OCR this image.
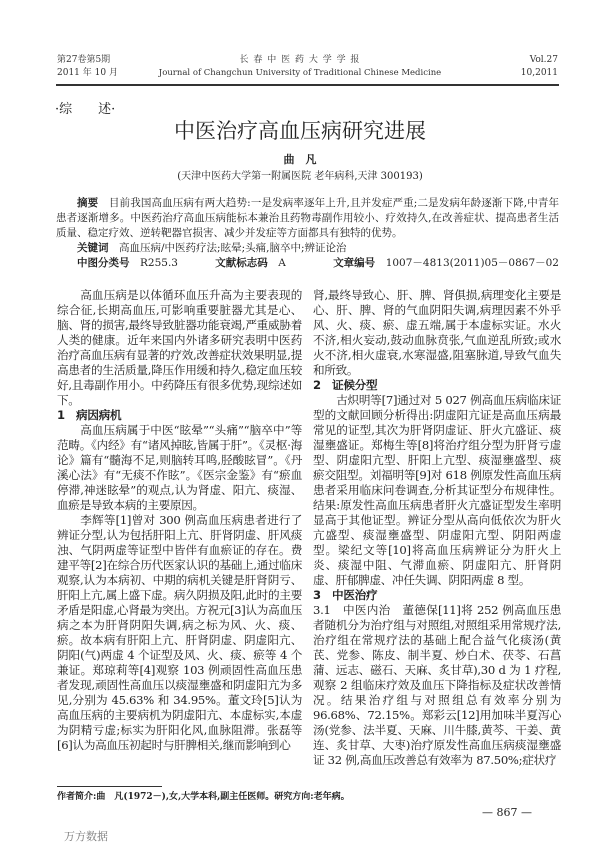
第27卷第5期
2011 年 10 月
长 春 中 医 药 大 学 学 报
Journal of Changchun University of Traditional Chinese Medicine
Vol.27
10,2011
·综　　述·
中医治疗高血压病研究进展
曲　凡
(天津中医药大学第一附属医院 老年病科,天津 300193)
摘要　 目前我国高血压病有两大趋势:一是发病率逐年上升,且并发症严重;二是发病年龄逐渐下降,中青年患者逐渐增多。中医药治疗高血压病能标本兼治且药物毒副作用较小、疗效持久,在改善症状、提高患者生活质量、稳定疗效、逆转靶器官损害、减少并发症等方面都具有独特的优势。
关键词　 高血压病/中医药疗法;眩晕;头痛,脑卒中;辨证论治
中图分类号　 R255.3	文献标志码　 A	文章编号　 1007－4813(2011)05－0867－02

高血压病是以体循环血压升高为主要表现的综合征,长期高血压,可影响重要脏器尤其是心、脑、肾的损害,最终导致脏器功能衰竭,严重威胁着人类的健康。近年来国内外诸多研究表明中医药治疗高血压病有显著的疗效,改善症状效果明显,提高患者的生活质量,降压作用缓和持久,稳定血压较好,且毒副作用小。中药降压有很多优势,现综述如下。

1　病因病机

高血压病属于中医“眩晕”“头痛”“脑卒中”等范畴。《内经》有“诸风掉眩,皆属于肝”。《灵枢·海论》篇有“髓海不足,则脑转耳鸣,胫酸眩冒”。《丹溪心法》有“无痰不作眩”。《医宗金鉴》有“瘀血停滞,神迷眩晕”的观点,认为肾虚、阳亢、痰湿、血瘀是导致本病的主要原因。

李辉等[1]曾对 300 例高血压病患者进行了辨证分型,认为包括肝阳上亢、肝肾阴虚、肝风痰浊、气阴两虚等证型中皆伴有血瘀证的存在。费建平等[2]在综合历代医家认识的基础上,通过临床观察,认为本病初、中期的病机关键是肝肾阴亏、肝阳上亢,属上盛下虚。病久阴损及阳,此时的主要矛盾是阳虚,心肾最为突出。方祝元[3]认为高血压病之本为肝肾阴阳失调,病之标为风、火、痰、瘀。故本病有肝阳上亢、肝肾阴虚、阴虚阳亢、阴阳(气)两虚 4 个证型及风、火、痰、瘀等 4 个兼证。郑琼莉等[4]观察 103 例顽固性高血压患者发现,顽固性高血压以痰湿壅盛和阴虚阳亢为多见,分别为 45.63% 和 34.95%。董文玲[5]认为高血压病的主要病机为阴虚阳亢、本虚标实,本虚为阴精亏虚;标实为肝阳化风,血脉阻滞。张磊等[6]认为高血压初起时与肝脾相关,继而影响到心

肾,最终导致心、肝、脾、肾俱损,病理变化主要是心、肝、脾、肾的气血阴阳失调,病理因素不外乎风、火、痰、瘀、虚五端,属于本虚标实证。水火不济,相火妄动,鼓动血脉贲张,气血逆乱所致;或水火不济,相火虚衰,水寒湿盛,阻塞脉道,导致气血失和所致。

2　证候分型

古炽明等[7]通过对 5 027 例高血压病临床证型的文献回顾分析得出:阴虚阳亢证是高血压病最常见的证型,其次为肝肾阴虚证、肝火亢盛证、痰湿壅盛证。郑梅生等[8]将治疗组分型为肝肾亏虚型、阴虚阳亢型、肝阳上亢型、痰湿壅盛型、痰瘀交阻型。刘福明等[9]对 618 例原发性高血压病患者采用临床问卷调查,分析其证型分布规律性。结果:原发性高血压病患者肝火亢盛证型发生率明显高于其他证型。辨证分型从高向低依次为肝火亢盛型、痰湿壅盛型、阴虚阳亢型、阴阳两虚型。梁纪文等[10]将高血压病辨证分为肝火上炎、痰湿中阻、气滞血瘀、阴虚阳亢、肝肾阴虚、肝郁脾虚、冲任失调、阴阳两虚 8 型。

3　中医治疗

3.1　中医内治　董德保[11]将 252 例高血压患者随机分为治疗组与对照组,对照组采用常规疗法,治疗组在常规疗法的基础上配合益气化痰汤(黄芪、党参、陈皮、制半夏、炒白术、茯苓、石菖蒲、远志、磁石、天麻、炙甘草),30 d 为 1 疗程,观察 2 组临床疗效及血压下降指标及症状改善情况。结果治疗组与对照组总有效率分别为 96.68%、72.15%。郑彩云[12]用加味半夏泻心汤(党参、法半夏、天麻、川牛膝,黄芩、干姜、黄连、炙甘草、大枣)治疗原发性高血压病痰湿壅盛证 32 例,高血压改善总有效率为 87.50%;症状疗

作者简介:曲　凡(1972－),女,大学本科,副主任医师。研究方向:老年病。
— 867 —
万方数据
